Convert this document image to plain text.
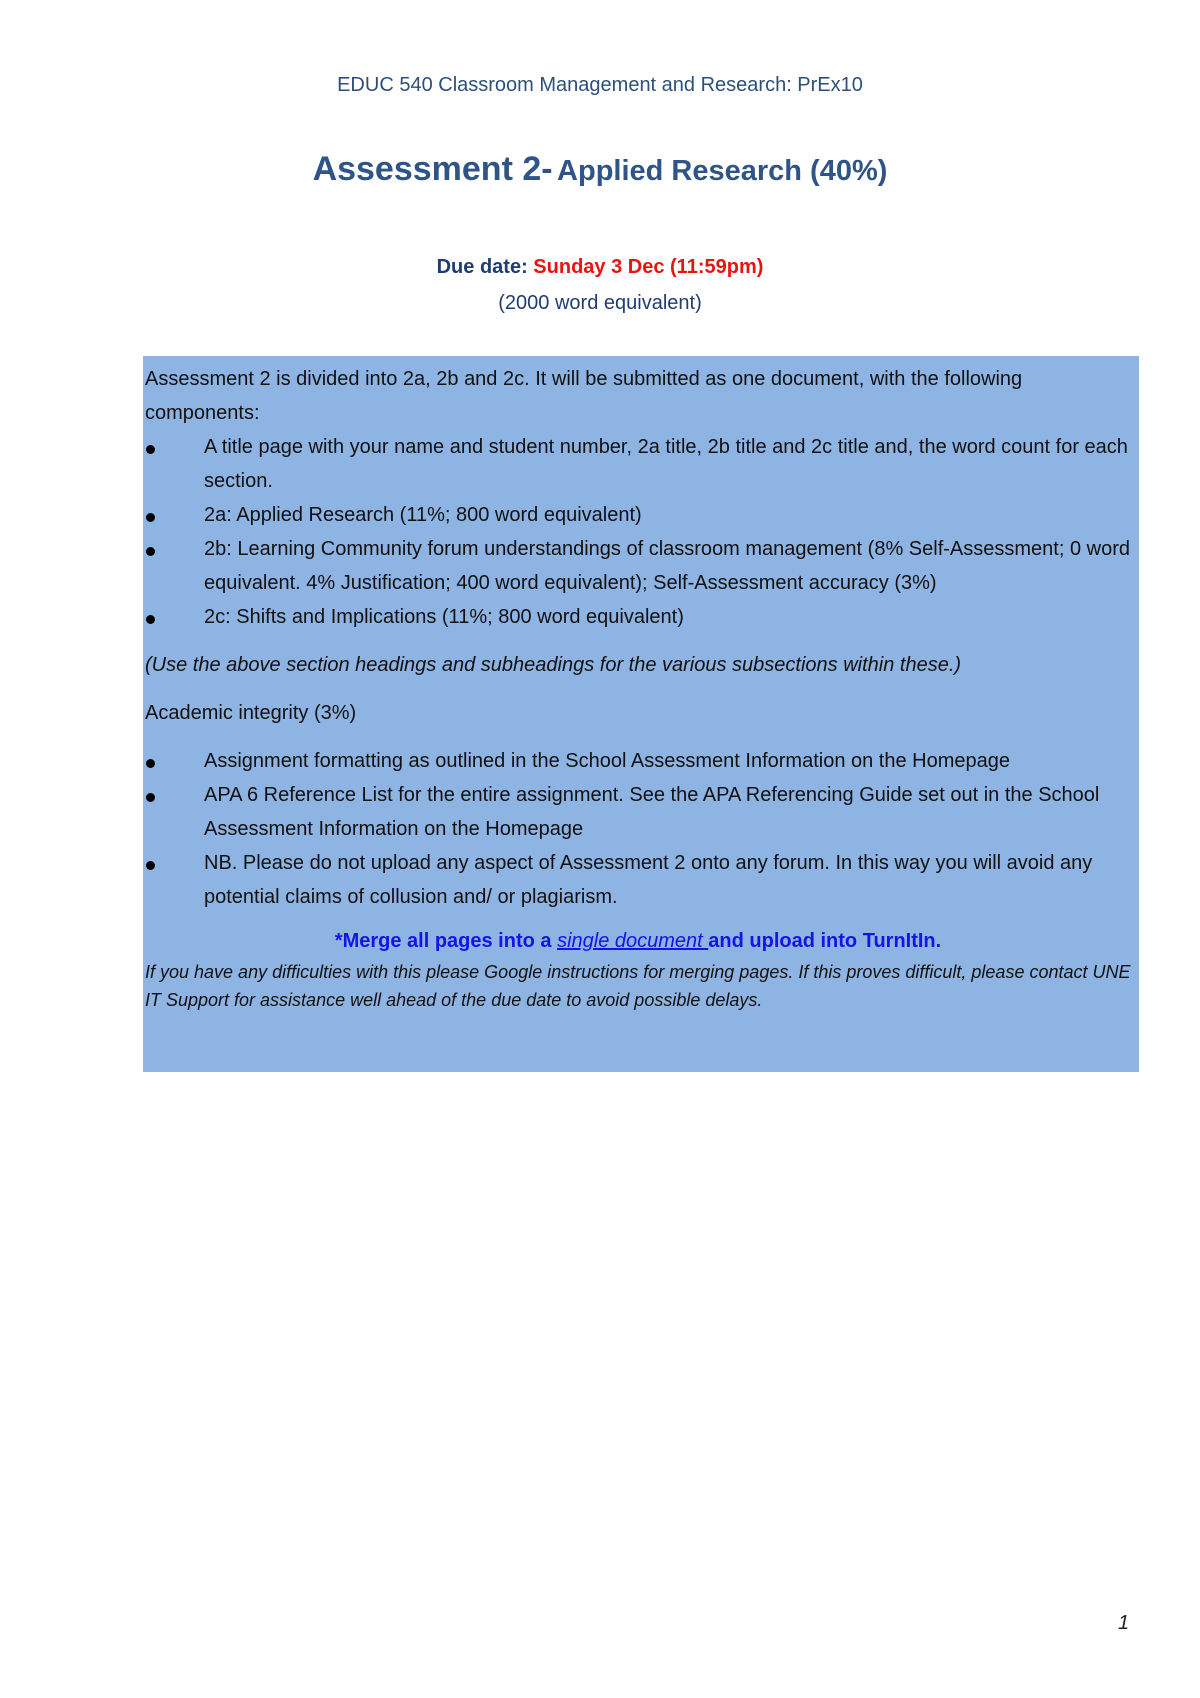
EDUC 540 Classroom Management and Research: PrEx10
Assessment 2- Applied Research (40%)
Due date: Sunday 3 Dec (11:59pm)
(2000 word equivalent)

Assessment 2 is divided into 2a, 2b and 2c. It will be submitted as one document, with the following components:

A title page with your name and student number, 2a title, 2b title and 2c title and, the word count for each section.
2a: Applied Research (11%; 800 word equivalent)
2b: Learning Community forum understandings of classroom management (8% Self-Assessment; 0 word equivalent. 4% Justification; 400 word equivalent); Self-Assessment accuracy (3%)
2c: Shifts and Implications (11%; 800 word equivalent)

(Use the above section headings and subheadings for the various subsections within these.)

Academic integrity (3%)

Assignment formatting as outlined in the School Assessment Information on the Homepage
APA 6 Reference List for the entire assignment. See the APA Referencing Guide set out in the School Assessment Information on the Homepage
NB. Please do not upload any aspect of Assessment 2 onto any forum. In this way you will avoid any potential claims of collusion and/ or plagiarism.

*Merge all pages into a single document and upload into TurnItIn.

If you have any difficulties with this please Google instructions for merging pages. If this proves difficult, please contact UNE IT Support for assistance well ahead of the due date to avoid possible delays.

1
